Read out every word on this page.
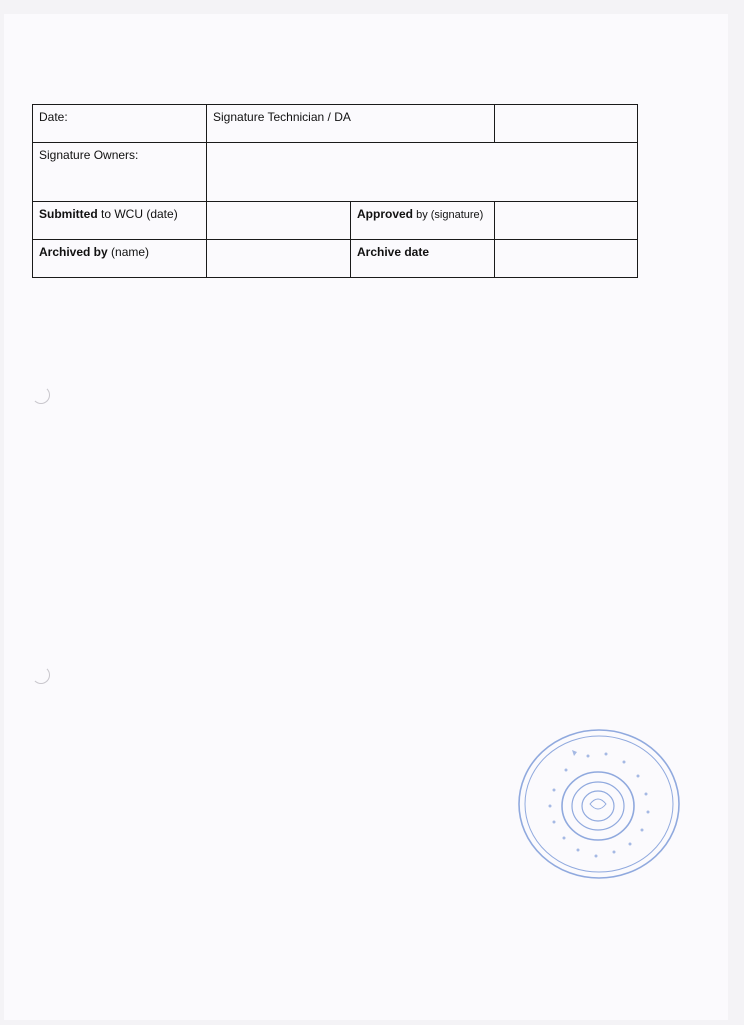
Date:	Signature Technician / DA		
Signature Owners:			
Submitted to WCU (date)		Approved by (signature)	
Archived by (name)		Archive date	
